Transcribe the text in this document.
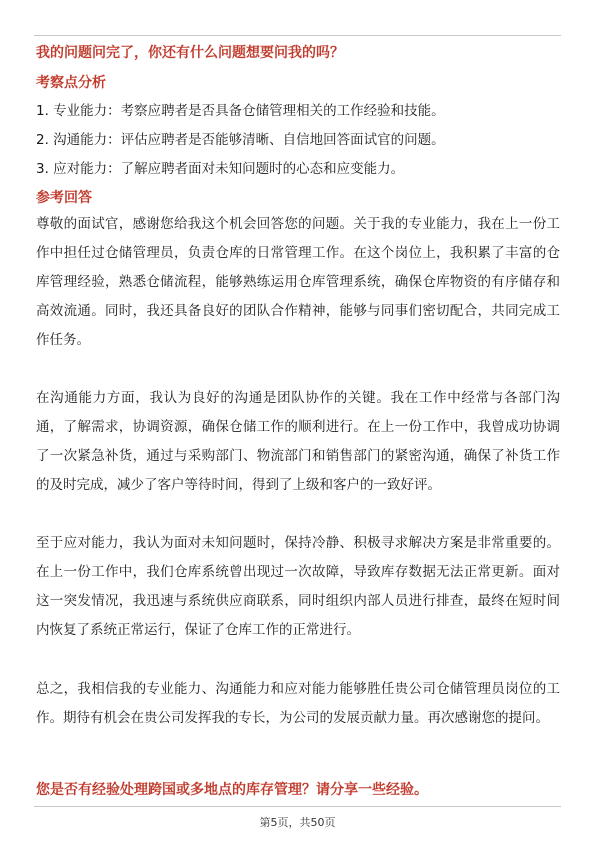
我的问题问完了，你还有什么问题想要问我的吗？
考察点分析
1. 专业能力：考察应聘者是否具备仓储管理相关的工作经验和技能。
2. 沟通能力：评估应聘者是否能够清晰、自信地回答面试官的问题。
3. 应对能力：了解应聘者面对未知问题时的心态和应变能力。
参考回答

尊敬的面试官，感谢您给我这个机会回答您的问题。关于我的专业能力，我在上一份工作中担任过仓储管理员，负责仓库的日常管理工作。在这个岗位上，我积累了丰富的仓库管理经验，熟悉仓储流程，能够熟练运用仓库管理系统，确保仓库物资的有序储存和高效流通。同时，我还具备良好的团队合作精神，能够与同事们密切配合，共同完成工作任务。

在沟通能力方面，我认为良好的沟通是团队协作的关键。我在工作中经常与各部门沟通，了解需求，协调资源，确保仓储工作的顺利进行。在上一份工作中，我曾成功协调了一次紧急补货，通过与采购部门、物流部门和销售部门的紧密沟通，确保了补货工作的及时完成，减少了客户等待时间，得到了上级和客户的一致好评。

至于应对能力，我认为面对未知问题时，保持冷静、积极寻求解决方案是非常重要的。在上一份工作中，我们仓库系统曾出现过一次故障，导致库存数据无法正常更新。面对这一突发情况，我迅速与系统供应商联系，同时组织内部人员进行排查，最终在短时间内恢复了系统正常运行，保证了仓库工作的正常进行。

总之，我相信我的专业能力、沟通能力和应对能力能够胜任贵公司仓储管理员岗位的工作。期待有机会在贵公司发挥我的专长，为公司的发展贡献力量。再次感谢您的提问。

您是否有经验处理跨国或多地点的库存管理？请分享一些经验。
第5页，共50页
